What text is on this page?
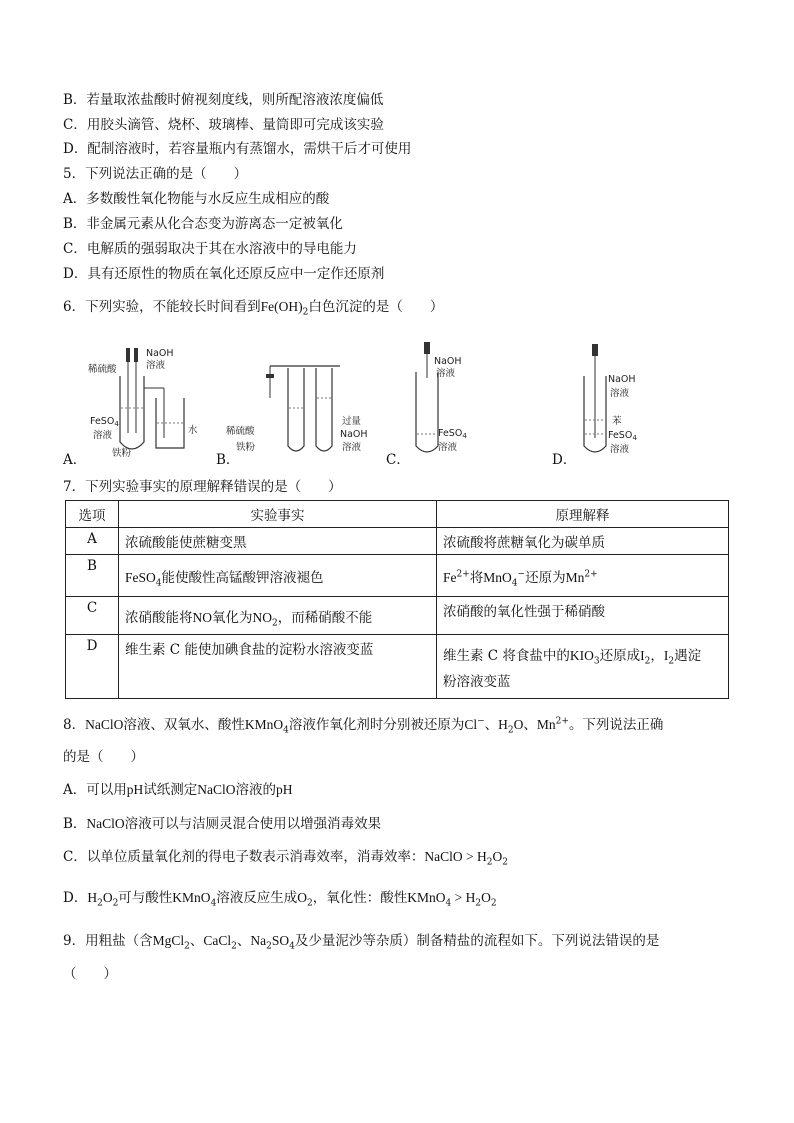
B．若量取浓盐酸时俯视刻度线，则所配溶液浓度偏低
C．用胶头滴管、烧杯、玻璃棒、量筒即可完成该实验
D．配制溶液时，若容量瓶内有蒸馏水，需烘干后才可使用
5．下列说法正确的是（　　）
A．多数酸性氧化物能与水反应生成相应的酸
B．非金属元素从化合态变为游离态一定被氧化
C．电解质的强弱取决于其在水溶液中的导电能力
D．具有还原性的物质在氧化还原反应中一定作还原剂
6．下列实验，不能较长时间看到$Fe(OH)_2$白色沉淀的是（　　）
稀硫酸
NaOH
溶液
水
FeSO$_4$
溶液
铁粉
稀硫酸
铁粉
过量
NaOH
溶液
NaOH
溶液
FeSO$_4$
溶液
NaOH
溶液
苯
FeSO$_4$
溶液
A．	B．	C．	D．
7．下列实验事实的原理解释错误的是（　　）
选项	实验事实	原理解释
A	浓硫酸能使蔗糖变黑	浓硫酸将蔗糖氧化为碳单质
B	FeSO$_4$能使酸性高锰酸钾溶液褪色	$Fe^{2+}$将MnO$_4$−还原为$Mn^{2+}$
C	浓硝酸能将NO氧化为$NO_2$，而稀硝酸不能	浓硝酸的氧化性强于稀硝酸
D	维生素 C 能使加碘食盐的淀粉水溶液变蓝	维生素 C 将食盐中的$KIO_3$还原成$I_2$，$I_2$遇淀
粉溶液变蓝
8．NaClO溶液、双氧水、酸性KMnO$_4$溶液作氧化剂时分别被还原为Cl−、$H_2O$、$Mn^{2+}$。下列说法正确
的是（　　）
A．可以用pH试纸测定NaClO溶液的pH
B．NaClO溶液可以与洁厕灵混合使用以增强消毒效果
C．以单位质量氧化剂的得电子数表示消毒效率，消毒效率：NaClO > $H_2O_2$
D．$H_2O_2$可与酸性KMnO$_4$溶液反应生成$O_2$，氧化性：酸性KMnO$_4$ > $H_2O_2$
9．用粗盐（含MgCl$_2$、CaCl$_2$、$Na_2SO_4$及少量泥沙等杂质）制备精盐的流程如下。下列说法错误的是
（　　）
